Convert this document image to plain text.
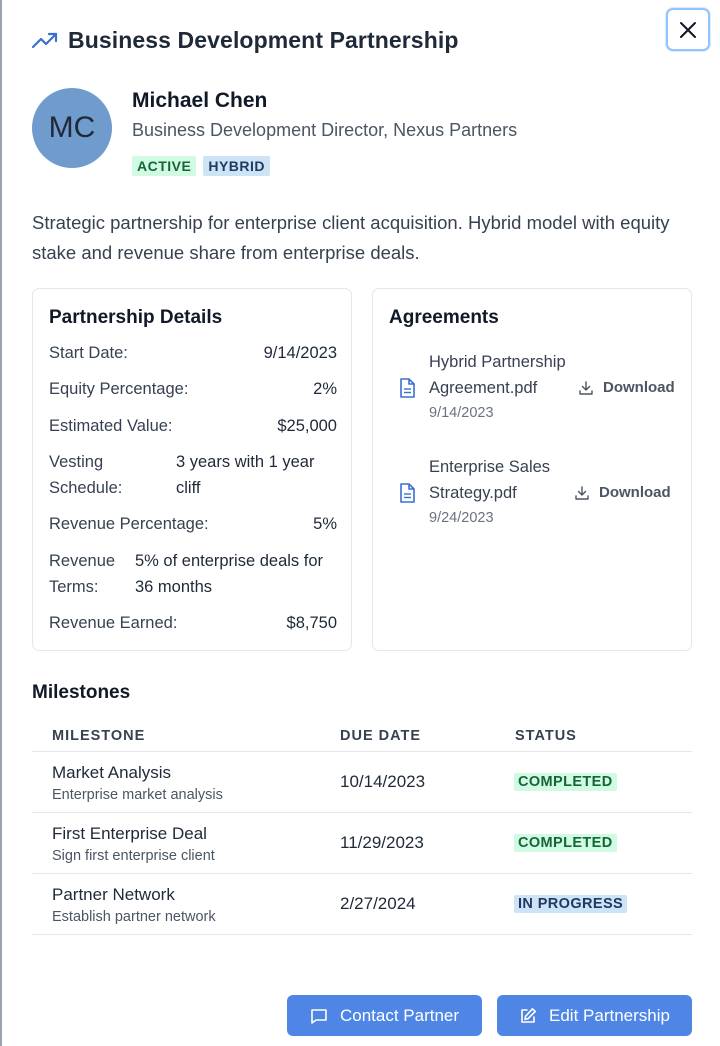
Business Development Partnership
MC
Michael Chen
Business Development Director, Nexus Partners
ACTIVE	HYBRID

Strategic partnership for enterprise client acquisition. Hybrid model with equity stake and revenue share from enterprise deals.

Partnership Details
Start Date:	9/14/2023
Equity Percentage:	2%
Estimated Value:	$25,000
Vesting Schedule:
3 years with 1 year cliff
Revenue Percentage:	5%
Revenue Terms:
5% of enterprise deals for 36 months
Revenue Earned:	$8,750
Agreements
Hybrid Partnership Agreement.pdf
9/14/2023
Download
Enterprise Sales Strategy.pdf
9/24/2023
Download
Milestones
MILESTONE	DUE DATE	STATUS
Market Analysis
Enterprise market analysis
10/14/2023	COMPLETED
First Enterprise Deal
Sign first enterprise client
11/29/2023	COMPLETED
Partner Network
Establish partner network
2/27/2024	IN PROGRESS
Contact Partner	Edit Partnership
